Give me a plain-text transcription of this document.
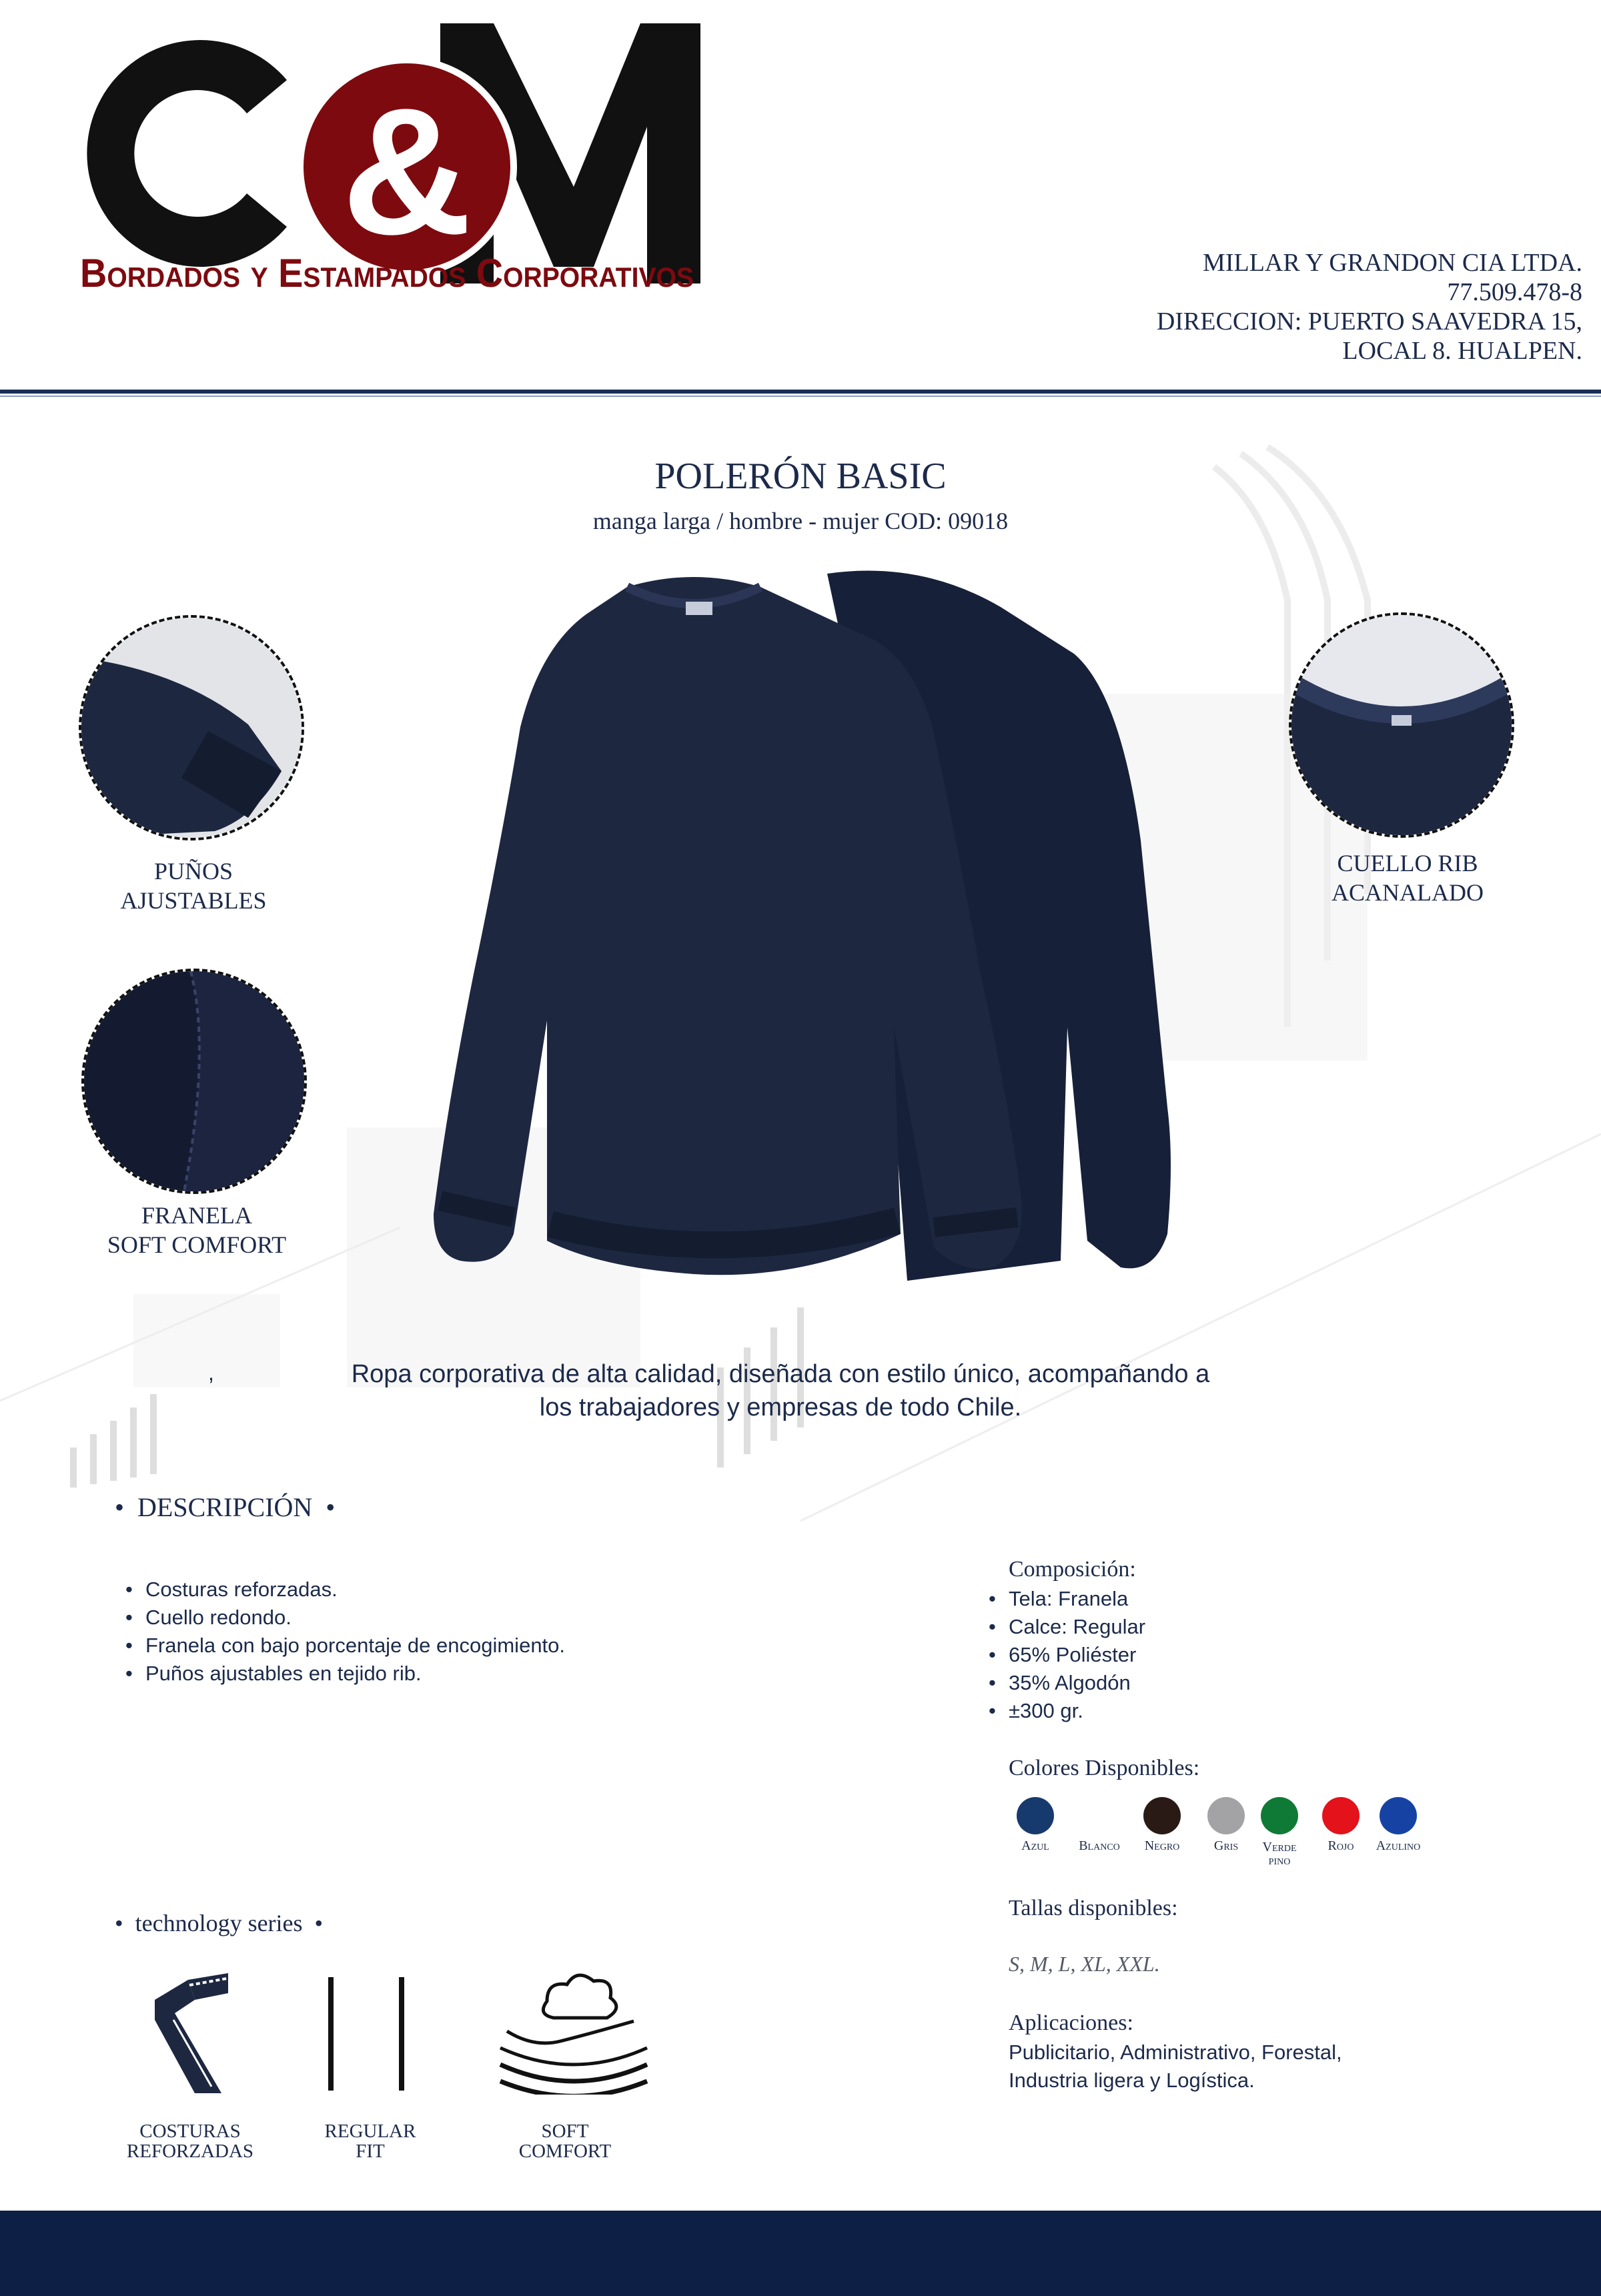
&
Bordados y Estampados Corporativos	MILLAR Y GRANDON CIA LTDA.
77.509.478-8
DIRECCION: PUERTO SAAVEDRA 15,
LOCAL 8. HUALPEN.
POLERÓN BASIC
manga larga / hombre - mujer COD: 09018
PUÑOS
AJUSTABLES
CUELLO RIB
ACANALADO
FRANELA
SOFT COMFORT
,	Ropa corporativa de alta calidad, diseñada con estilo único, acompañando a
los trabajadores y empresas de todo Chile.
•  DESCRIPCIÓN  •
• Costuras reforzadas.
• Cuello redondo.
• Franela con bajo porcentaje de encogimiento.
• Puños ajustables en tejido rib.
Composición:
• Tela: Franela
• Calce: Regular
• 65% Poliéster
• 35% Algodón
• ±300 gr.
Colores Disponibles:
Azul	Blanco	Negro	Gris	Verde
pino
Rojo	Azulino
Tallas disponibles:
S, M, L, XL, XXL.
Aplicaciones:
Publicitario, Administrativo, Forestal,
Industria ligera y Logística.
•  technology series  •
COSTURAS
REFORZADAS
REGULAR
FIT
SOFT
COMFORT
